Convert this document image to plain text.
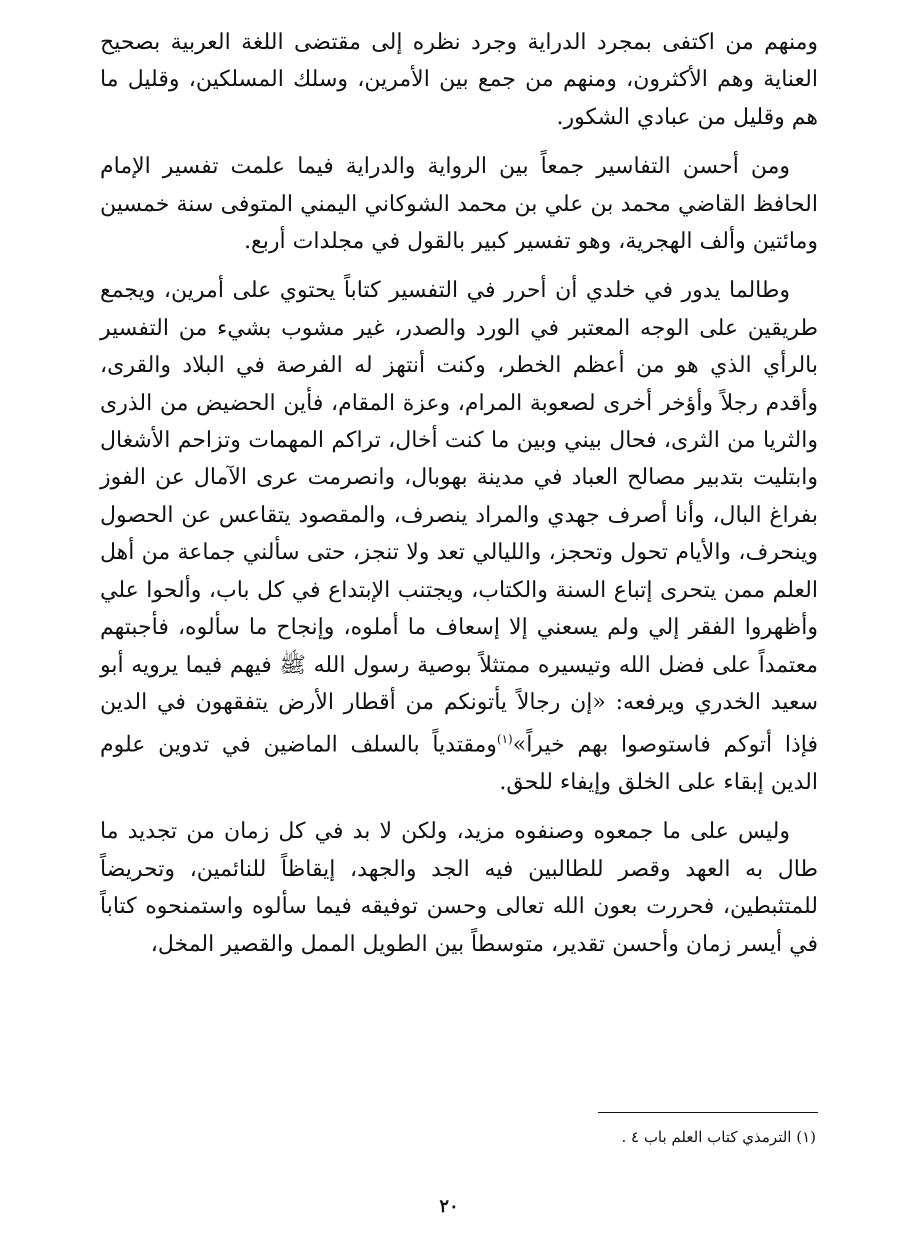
ومنهم من اكتفى بمجرد الدراية وجرد نظره إلى مقتضى اللغة العربية بصحيح العناية وهم الأكثرون، ومنهم من جمع بين الأمرين، وسلك المسلكين، وقليل ما هم وقليل من عبادي الشكور.

ومن أحسن التفاسير جمعاً بين الرواية والدراية فيما علمت تفسير الإمام الحافظ القاضي محمد بن علي بن محمد الشوكاني اليمني المتوفى سنة خمسين ومائتين وألف الهجرية، وهو تفسير كبير بالقول في مجلدات أربع.

وطالما يدور في خلدي أن أحرر في التفسير كتاباً يحتوي على أمرين، ويجمع طريقين على الوجه المعتبر في الورد والصدر، غير مشوب بشيء من التفسير بالرأي الذي هو من أعظم الخطر، وكنت أنتهز له الفرصة في البلاد والقرى، وأقدم رجلاً وأؤخر أخرى لصعوبة المرام، وعزة المقام، فأين الحضيض من الذرى والثريا من الثرى، فحال بيني وبين ما كنت أخال، تراكم المهمات وتزاحم الأشغال وابتليت بتدبير مصالح العباد في مدينة بهوبال، وانصرمت عرى الآمال عن الفوز بفراغ البال، وأنا أصرف جهدي والمراد ينصرف، والمقصود يتقاعس عن الحصول وينحرف، والأيام تحول وتحجز، والليالي تعد ولا تنجز، حتى سألني جماعة من أهل العلم ممن يتحرى إتباع السنة والكتاب، ويجتنب الإبتداع في كل باب، وألحوا علي وأظهروا الفقر إلي ولم يسعني إلا إسعاف ما أملوه، وإنجاح ما سألوه، فأجبتهم معتمداً على فضل الله وتيسيره ممتثلاً بوصية رسول الله ﷺ فيهم فيما يرويه أبو سعيد الخدري ويرفعه: «إن رجالاً يأتونكم من أقطار الأرض يتفقهون في الدين فإذا أتوكم فاستوصوا بهم خيراً»$^{(١)}$ومقتدياً بالسلف الماضين في تدوين علوم الدين إبقاء على الخلق وإيفاء للحق.

وليس على ما جمعوه وصنفوه مزيد، ولكن لا بد في كل زمان من تجديد ما طال به العهد وقصر للطالبين فيه الجد والجهد، إيقاظاً للنائمين، وتحريضاً للمتثبطين، فحررت بعون الله تعالى وحسن توفيقه فيما سألوه واستمنحوه كتاباً في أيسر زمان وأحسن تقدير، متوسطاً بين الطويل الممل والقصير المخل،

(١) الترمذي كتاب العلم باب ٤ .
٢٠
